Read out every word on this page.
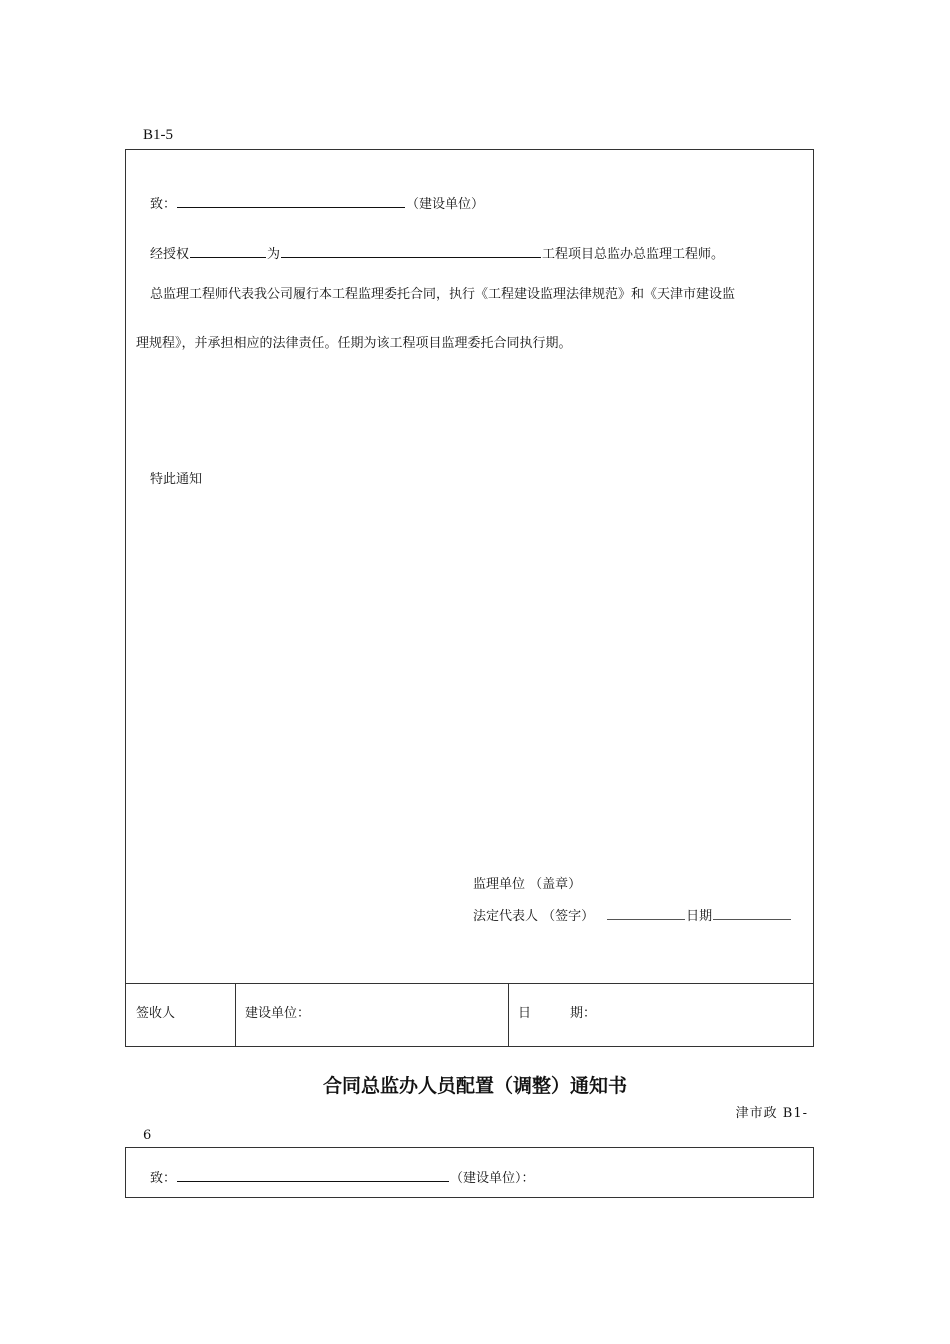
B1-5
致：	（建设单位）
经授权	为	工程项目总监办总监理工程师。
总监理工程师代表我公司履行本工程监理委托合同，执行《工程建设监理法律规范》和《天津市建设监
理规程》，并承担相应的法律责任。任期为该工程项目监理委托合同执行期。
特此通知
监理单位 （盖章）
法定代表人 （签字）	日期
签收人	建设单位：	日　　　期：
合同总监办人员配置（调整）通知书
津市政 B1-
6
致：	（建设单位）：
